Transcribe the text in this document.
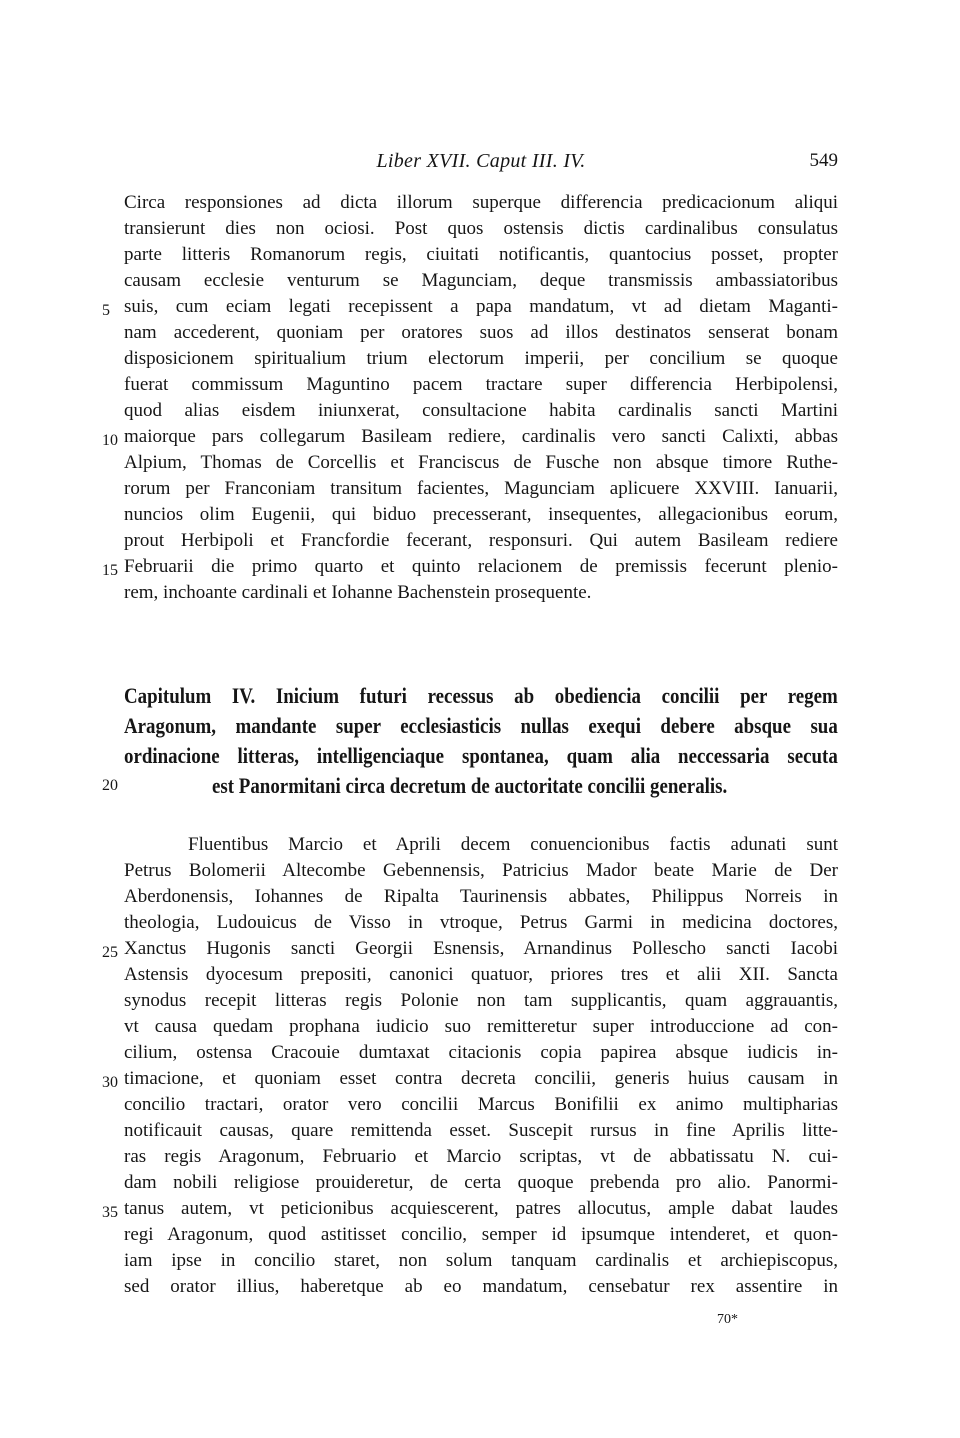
Liber XVII. Caput III. IV.	549
Circa responsiones ad dicta illorum superque differencia predicacionum aliqui
transierunt dies non ociosi. Post quos ostensis dictis cardinalibus consulatus
parte litteris Romanorum regis, ciuitati notificantis, quantocius posset, propter
causam ecclesie venturum se Magunciam, deque transmissis ambassiatoribus
suis, cum eciam legati recepissent a papa mandatum, vt ad dietam Maganti-
nam accederent, quoniam per oratores suos ad illos destinatos senserat bonam
disposicionem spiritualium trium electorum imperii, per concilium se quoque
fuerat commissum Maguntino pacem tractare super differencia Herbipolensi,
quod alias eisdem iniunxerat, consultacione habita cardinalis sancti Martini
maiorque pars collegarum Basileam rediere, cardinalis vero sancti Calixti, abbas
Alpium, Thomas de Corcellis et Franciscus de Fusche non absque timore Ruthe-
rorum per Franconiam transitum facientes, Magunciam aplicuere XXVIII. Ianuarii,
nuncios olim Eugenii, qui biduo precesserant, insequentes, allegacionibus eorum,
prout Herbipoli et Francfordie fecerant, responsuri. Qui autem Basileam rediere
Februarii die primo quarto et quinto relacionem de premissis fecerunt plenio-
rem, inchoante cardinali et Iohanne Bachenstein prosequente.
Capitulum IV. Inicium futuri recessus ab obediencia concilii per regem
Aragonum, mandante super ecclesiasticis nullas exequi debere absque sua
ordinacione litteras, intelligenciaque spontanea, quam alia neccessaria secuta
est Panormitani circa decretum de auctoritate concilii generalis.
Fluentibus Marcio et Aprili decem conuencionibus factis adunati sunt
Petrus Bolomerii Altecombe Gebennensis, Patricius Mador beate Marie de Der
Aberdonensis, Iohannes de Ripalta Taurinensis abbates, Philippus Norreis in
theologia, Ludouicus de Visso in vtroque, Petrus Garmi in medicina doctores,
Xanctus Hugonis sancti Georgii Esnensis, Arnandinus Pollescho sancti Iacobi
Astensis dyocesum prepositi, canonici quatuor, priores tres et alii XII. Sancta
synodus recepit litteras regis Polonie non tam supplicantis, quam aggrauantis,
vt causa quedam prophana iudicio suo remitteretur super introduccione ad con-
cilium, ostensa Cracouie dumtaxat citacionis copia papirea absque iudicis in-
timacione, et quoniam esset contra decreta concilii, generis huius causam in
concilio tractari, orator vero concilii Marcus Bonifilii ex animo multipharias
notificauit causas, quare remittenda esset. Suscepit rursus in fine Aprilis litte-
ras regis Aragonum, Februario et Marcio scriptas, vt de abbatissatu N. cui-
dam nobili religiose prouideretur, de certa quoque prebenda pro alio. Panormi-
tanus autem, vt peticionibus acquiescerent, patres allocutus, ample dabat laudes
regi Aragonum, quod astitisset concilio, semper id ipsumque intenderet, et quon-
iam ipse in concilio staret, non solum tanquam cardinalis et archiepiscopus,
sed orator illius, haberetque ab eo mandatum, censebatur rex assentire in
5
10
15
20
25
30
35
70*
